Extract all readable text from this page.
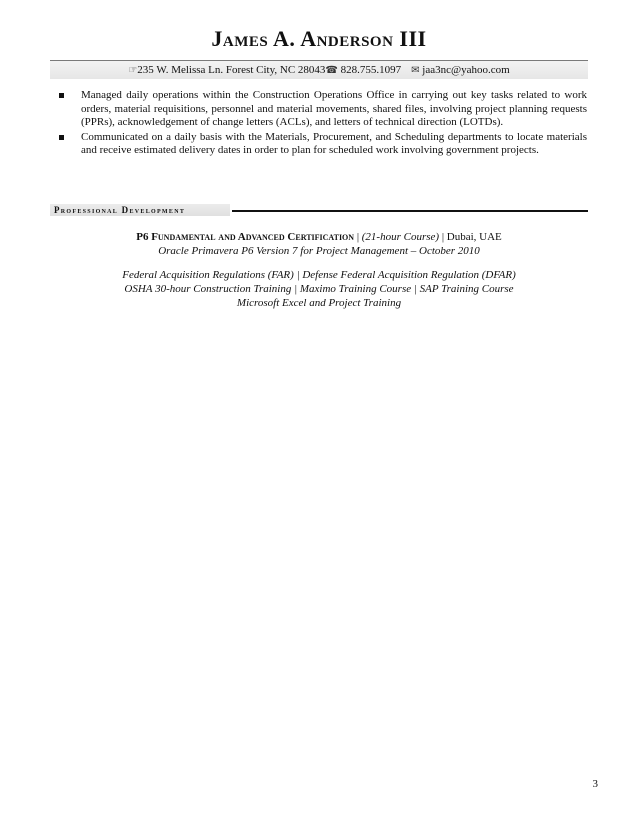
James A. Anderson III
☞235 W. Melissa Ln. Forest City, NC 28043☎ 828.755.1097 ✉ jaa3nc@yahoo.com
Managed daily operations within the Construction Operations Office in carrying out key tasks related to work orders, material requisitions, personnel and material movements, shared files, involving project planning requests (PPRs), acknowledgement of change letters (ACLs), and letters of technical direction (LOTDs).
Communicated on a daily basis with the Materials, Procurement, and Scheduling departments to locate materials and receive estimated delivery dates in order to plan for scheduled work involving government projects.
Professional Development
P6 Fundamental and Advanced Certification | (21-hour Course) | Dubai, UAE
Oracle Primavera P6 Version 7 for Project Management – October 2010
Federal Acquisition Regulations (FAR) | Defense Federal Acquisition Regulation (DFAR)
OSHA 30-hour Construction Training | Maximo Training Course | SAP Training Course
Microsoft Excel and Project Training
3
